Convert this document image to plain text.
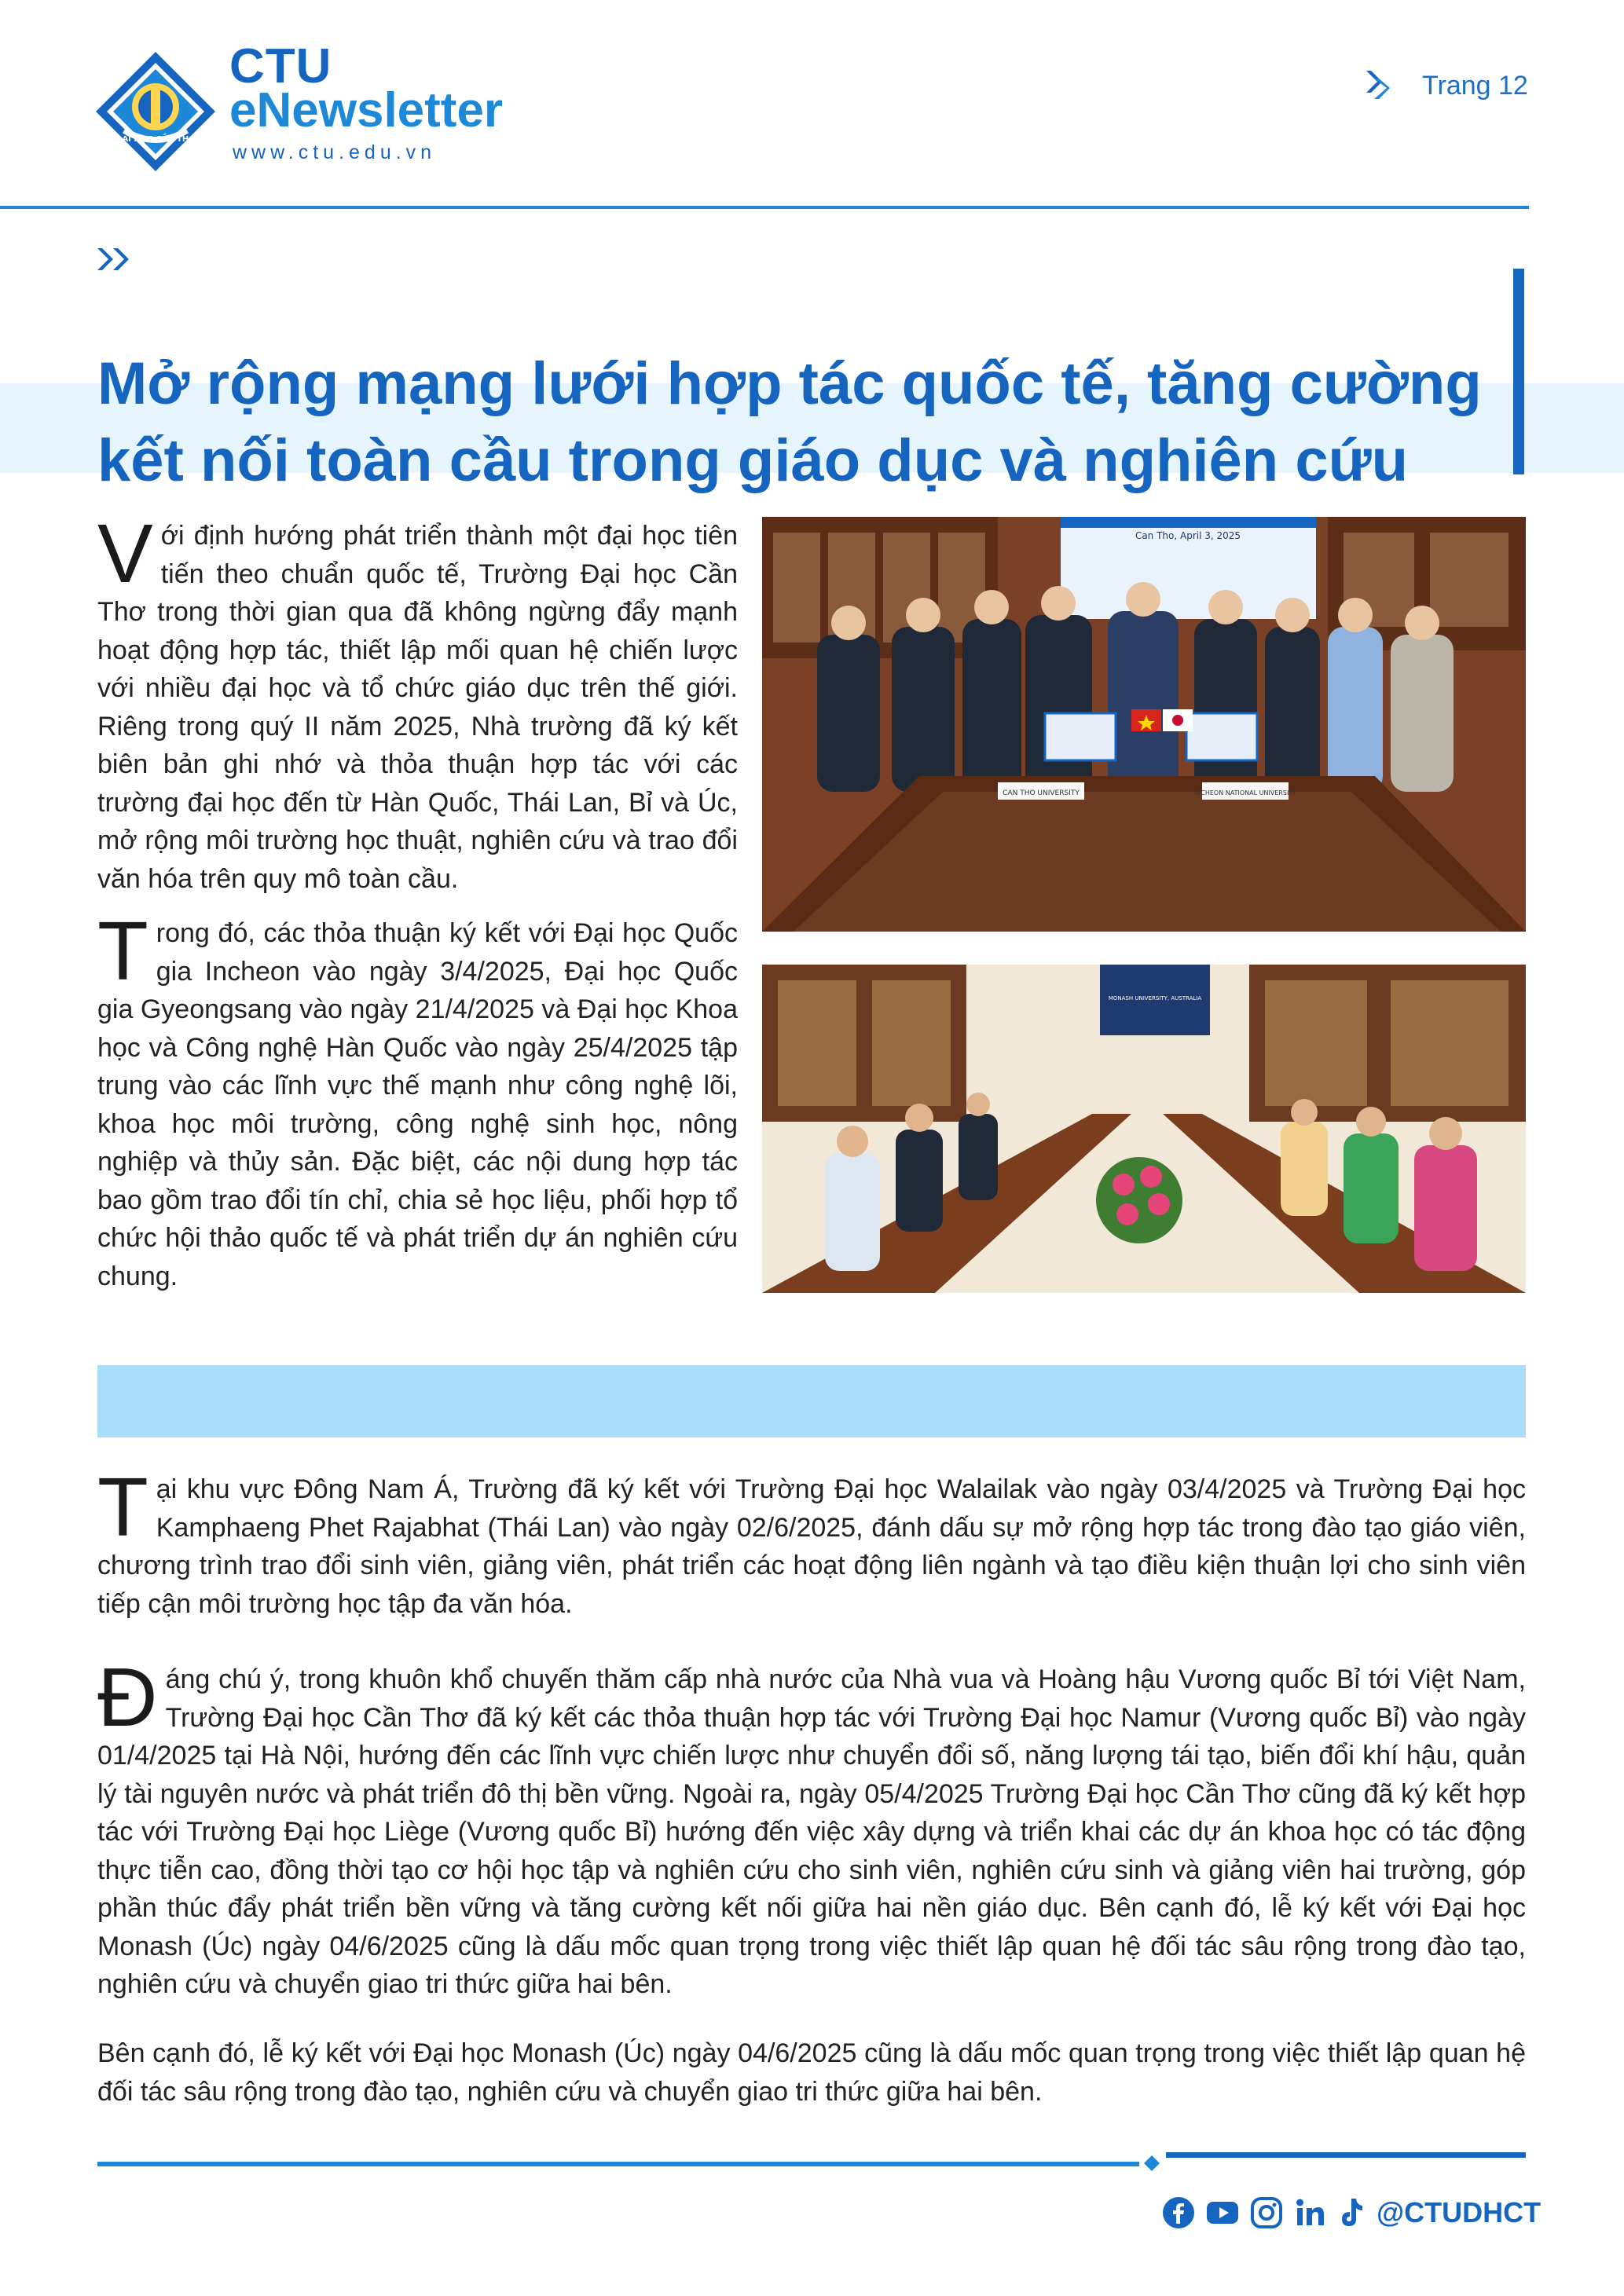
ĐẠI HỌC CẦN THƠ
CTU
eNewsletter
www.ctu.edu.vn
Trang 12
Mở rộng mạng lưới hợp tác quốc tế, tăng cường kết nối toàn cầu trong giáo dục và nghiên cứu
Với định hướng phát triển thành một đại học tiên tiến theo chuẩn quốc tế, Trường Đại học Cần Thơ trong thời gian qua đã không ngừng đẩy mạnh hoạt động hợp tác, thiết lập mối quan hệ chiến lược với nhiều đại học và tổ chức giáo dục trên thế giới. Riêng trong quý II năm 2025, Nhà trường đã ký kết biên bản ghi nhớ và thỏa thuận hợp tác với các trường đại học đến từ Hàn Quốc, Thái Lan, Bỉ và Úc, mở rộng môi trường học thuật, nghiên cứu và trao đổi văn hóa trên quy mô toàn cầu.
Trong đó, các thỏa thuận ký kết với Đại học Quốc gia Incheon vào ngày 3/4/2025, Đại học Quốc gia Gyeongsang vào ngày 21/4/2025 và Đại học Khoa học và Công nghệ Hàn Quốc vào ngày 25/4/2025 tập trung vào các lĩnh vực thế mạnh như công nghệ lõi, khoa học môi trường, công nghệ sinh học, nông nghiệp và thủy sản. Đặc biệt, các nội dung hợp tác bao gồm trao đổi tín chỉ, chia sẻ học liệu, phối hợp tổ chức hội thảo quốc tế và phát triển dự án nghiên cứu chung.
Can Tho, April 3, 2025
CAN THO UNIVERSITY	INCHEON NATIONAL UNIVERSITY
MONASH UNIVERSITY, AUSTRALIA
Tại khu vực Đông Nam Á, Trường đã ký kết với Trường Đại học Walailak vào ngày 03/4/2025 và Trường Đại học Kamphaeng Phet Rajabhat (Thái Lan) vào ngày 02/6/2025, đánh dấu sự mở rộng hợp tác trong đào tạo giáo viên, chương trình trao đổi sinh viên, giảng viên, phát triển các hoạt động liên ngành và tạo điều kiện thuận lợi cho sinh viên tiếp cận môi trường học tập đa văn hóa.
Đáng chú ý, trong khuôn khổ chuyến thăm cấp nhà nước của Nhà vua và Hoàng hậu Vương quốc Bỉ tới Việt Nam, Trường Đại học Cần Thơ đã ký kết các thỏa thuận hợp tác với Trường Đại học Namur (Vương quốc Bỉ) vào ngày 01/4/2025 tại Hà Nội, hướng đến các lĩnh vực chiến lược như chuyển đổi số, năng lượng tái tạo, biến đổi khí hậu, quản lý tài nguyên nước và phát triển đô thị bền vững. Ngoài ra, ngày 05/4/2025 Trường Đại học Cần Thơ cũng đã ký kết hợp tác với Trường Đại học Liège (Vương quốc Bỉ) hướng đến việc xây dựng và triển khai các dự án khoa học có tác động thực tiễn cao, đồng thời tạo cơ hội học tập và nghiên cứu cho sinh viên, nghiên cứu sinh và giảng viên hai trường, góp phần thúc đẩy phát triển bền vững và tăng cường kết nối giữa hai nền giáo dục. Bên cạnh đó, lễ ký kết với Đại học Monash (Úc) ngày 04/6/2025 cũng là dấu mốc quan trọng trong việc thiết lập quan hệ đối tác sâu rộng trong đào tạo, nghiên cứu và chuyển giao tri thức giữa hai bên.
Bên cạnh đó, lễ ký kết với Đại học Monash (Úc) ngày 04/6/2025 cũng là dấu mốc quan trọng trong việc thiết lập quan hệ đối tác sâu rộng trong đào tạo, nghiên cứu và chuyển giao tri thức giữa hai bên.
@CTUDHCT
